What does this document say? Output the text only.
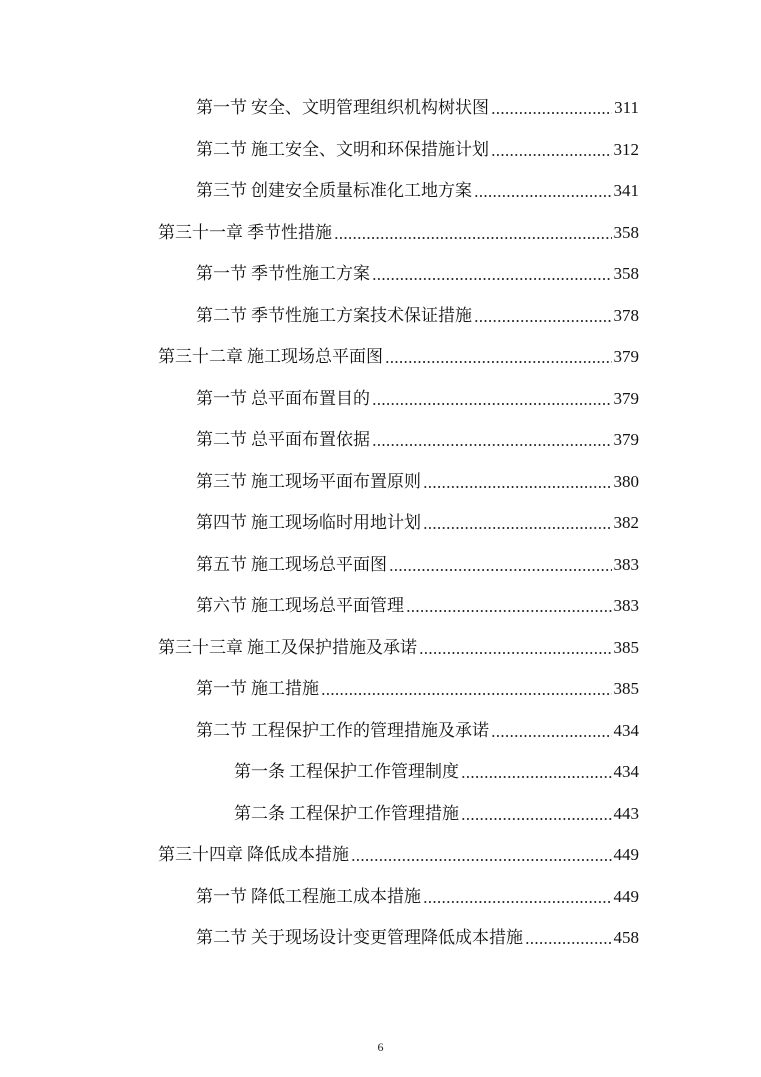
第一节 安全、文明管理组织机构树状图	311
第二节 施工安全、文明和环保措施计划	312
第三节 创建安全质量标准化工地方案	341
第三十一章 季节性措施	358
第一节 季节性施工方案	358
第二节 季节性施工方案技术保证措施	378
第三十二章 施工现场总平面图	379
第一节 总平面布置目的	379
第二节 总平面布置依据	379
第三节 施工现场平面布置原则	380
第四节 施工现场临时用地计划	382
第五节 施工现场总平面图	383
第六节 施工现场总平面管理	383
第三十三章 施工及保护措施及承诺	385
第一节 施工措施	385
第二节 工程保护工作的管理措施及承诺	434
第一条 工程保护工作管理制度	434
第二条 工程保护工作管理措施	443
第三十四章 降低成本措施	449
第一节 降低工程施工成本措施	449
第二节 关于现场设计变更管理降低成本措施	458
6
